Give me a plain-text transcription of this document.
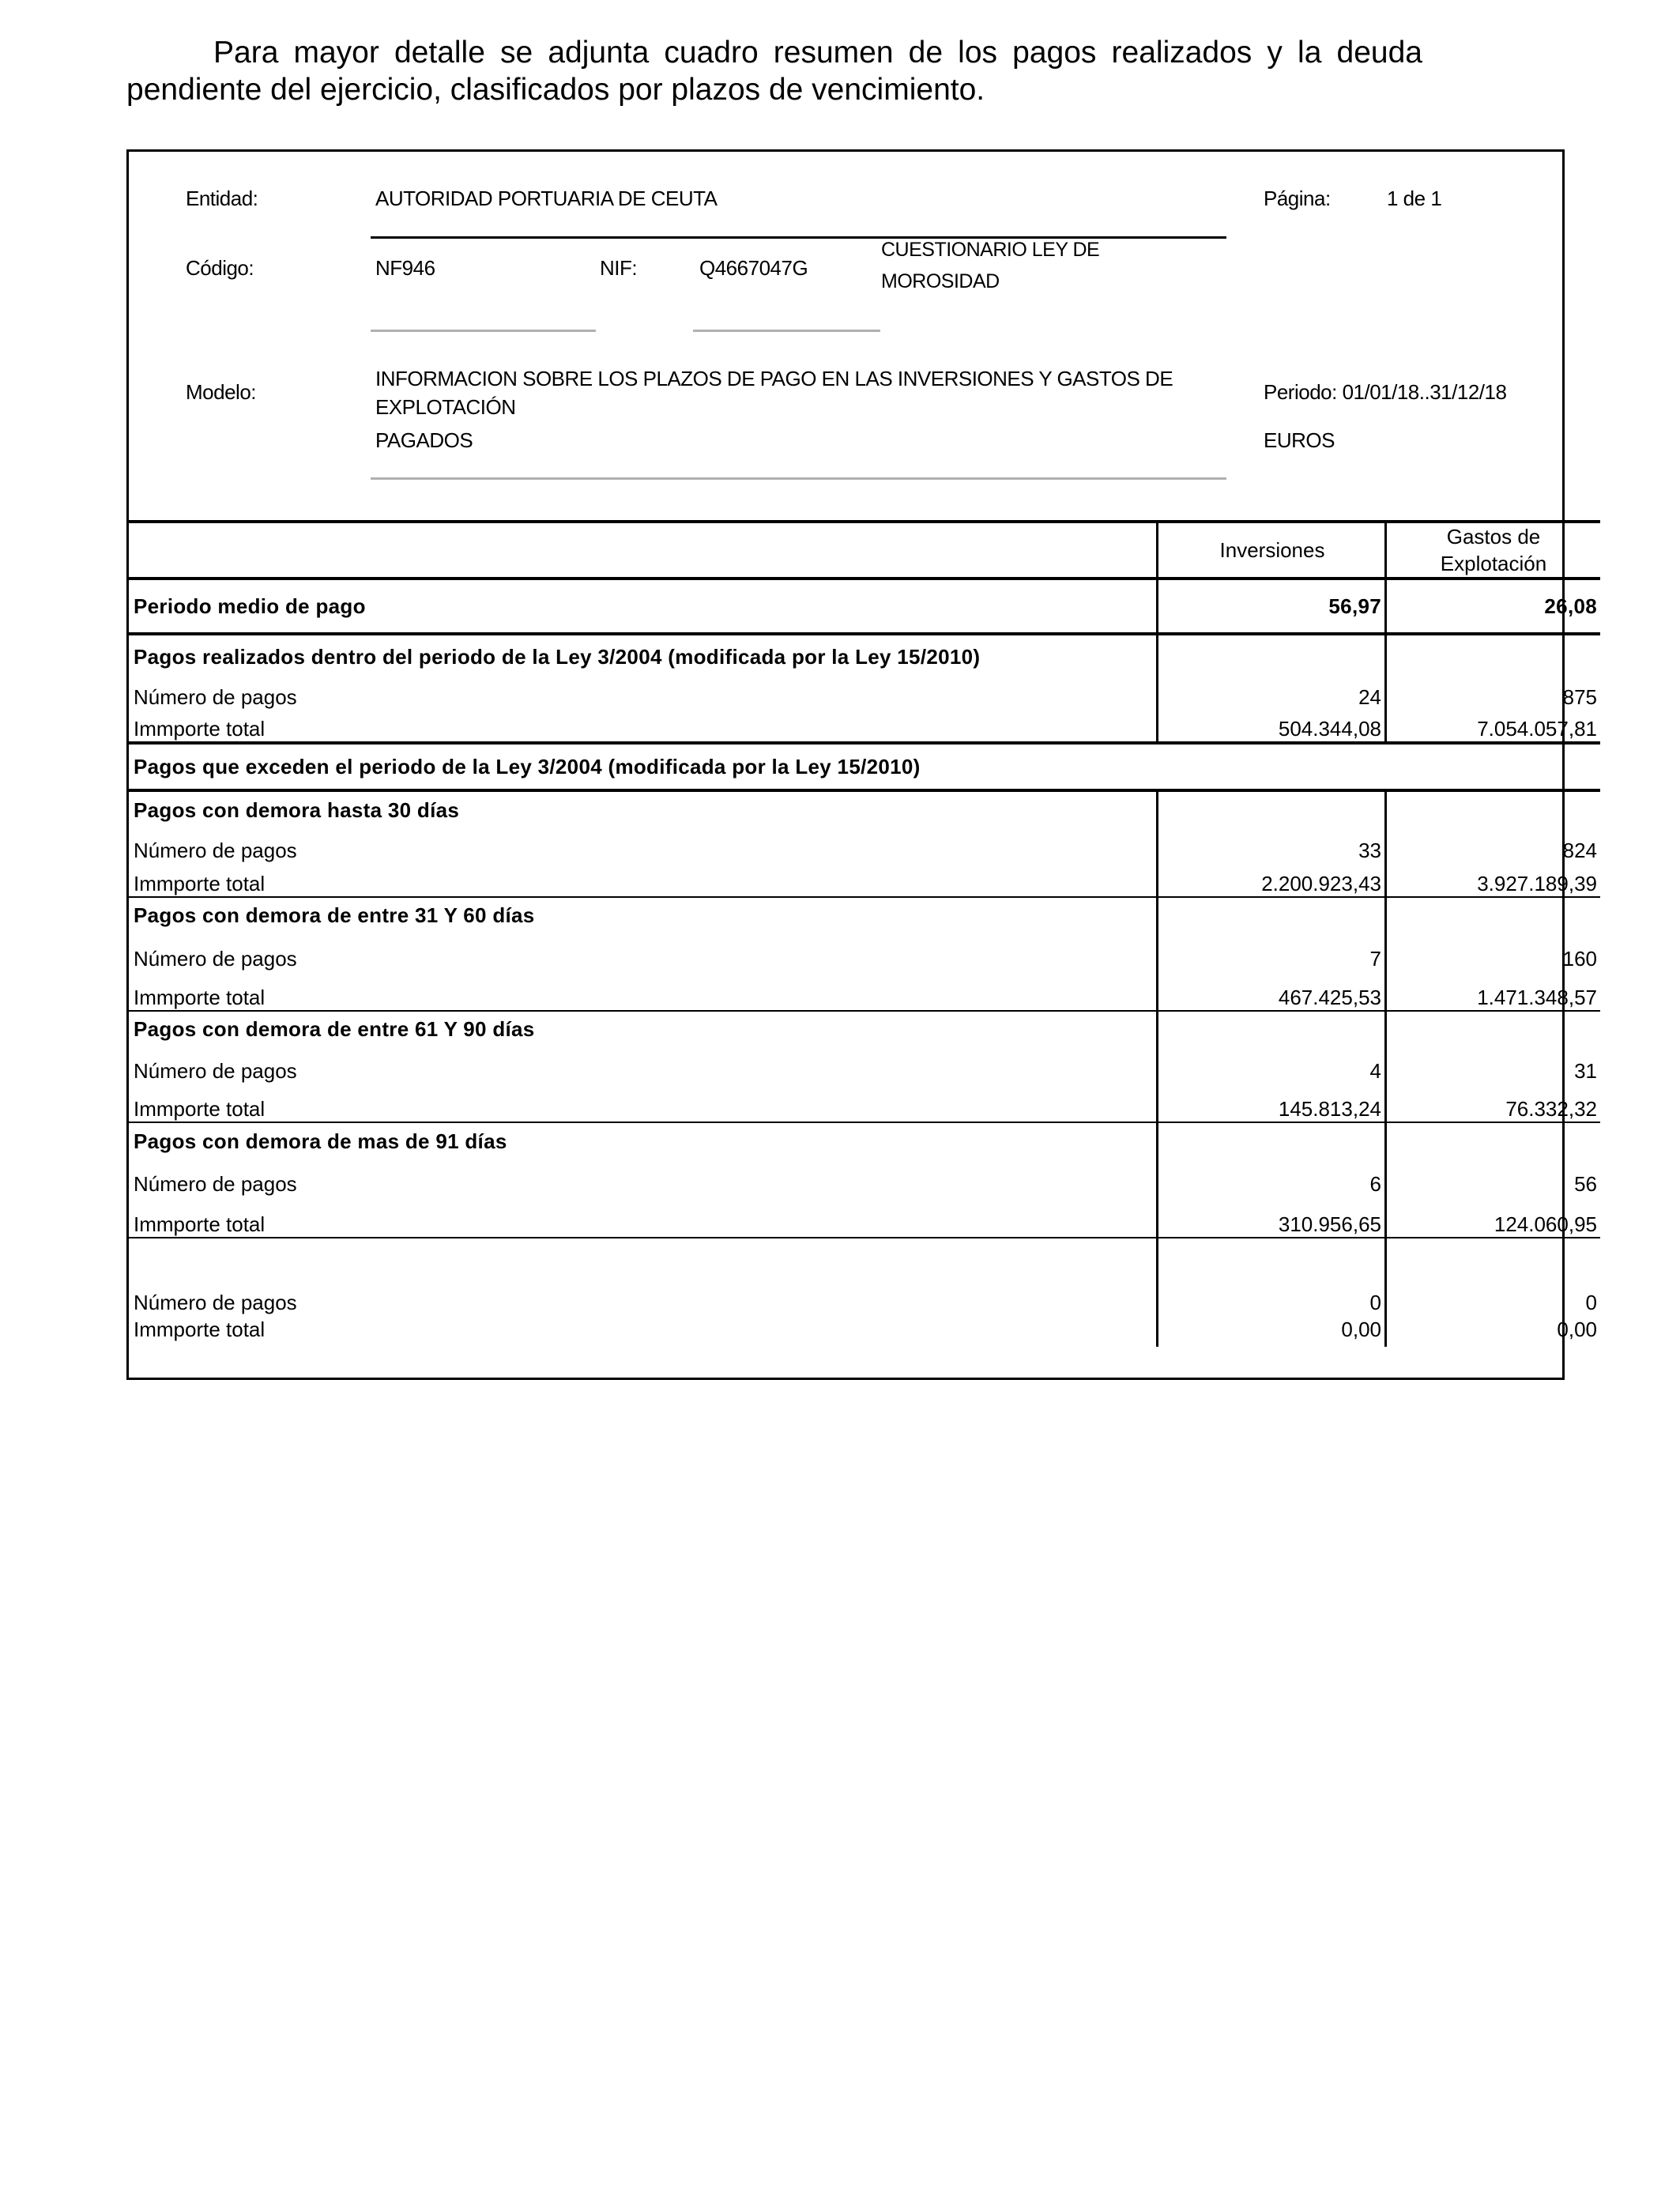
Para mayor detalle se adjunta cuadro resumen de los pagos realizados y la deuda pendiente del ejercicio, clasificados por plazos de vencimiento.

Entidad:	AUTORIDAD PORTUARIA DE CEUTA	Página:	1 de 1
Código:	NF946	NIF:	Q4667047G
CUESTIONARIO LEY DE MOROSIDAD
Modelo:
INFORMACION SOBRE LOS PLAZOS DE PAGO EN LAS INVERSIONES Y GASTOS DE
EXPLOTACIÓN
PAGADOS
Periodo: 01/01/18..31/12/18
EUROS
	Inversiones	Gastos de Explotación
Periodo medio de pago	56,97	26,08
Pagos realizados dentro del periodo de la Ley 3/2004 (modificada por la Ley 15/2010)		
Número de pagos	24	875
Immporte total	504.344,08	7.054.057,81
Pagos que exceden el periodo de la Ley 3/2004 (modificada por la Ley 15/2010)		
Pagos con demora hasta 30 días		
Número de pagos	33	824
Immporte total	2.200.923,43	3.927.189,39
Pagos con demora de entre 31 Y 60 días		
Número de pagos	7	160
Immporte total	467.425,53	1.471.348,57
Pagos con demora de entre 61 Y 90 días		
Número de pagos	4	31
Immporte total	145.813,24	76.332,32
Pagos con demora de mas de 91 días		
Número de pagos	6	56
Immporte total	310.956,65	124.060,95

Número de pagos	0	0
Immporte total	0,00	0,00
